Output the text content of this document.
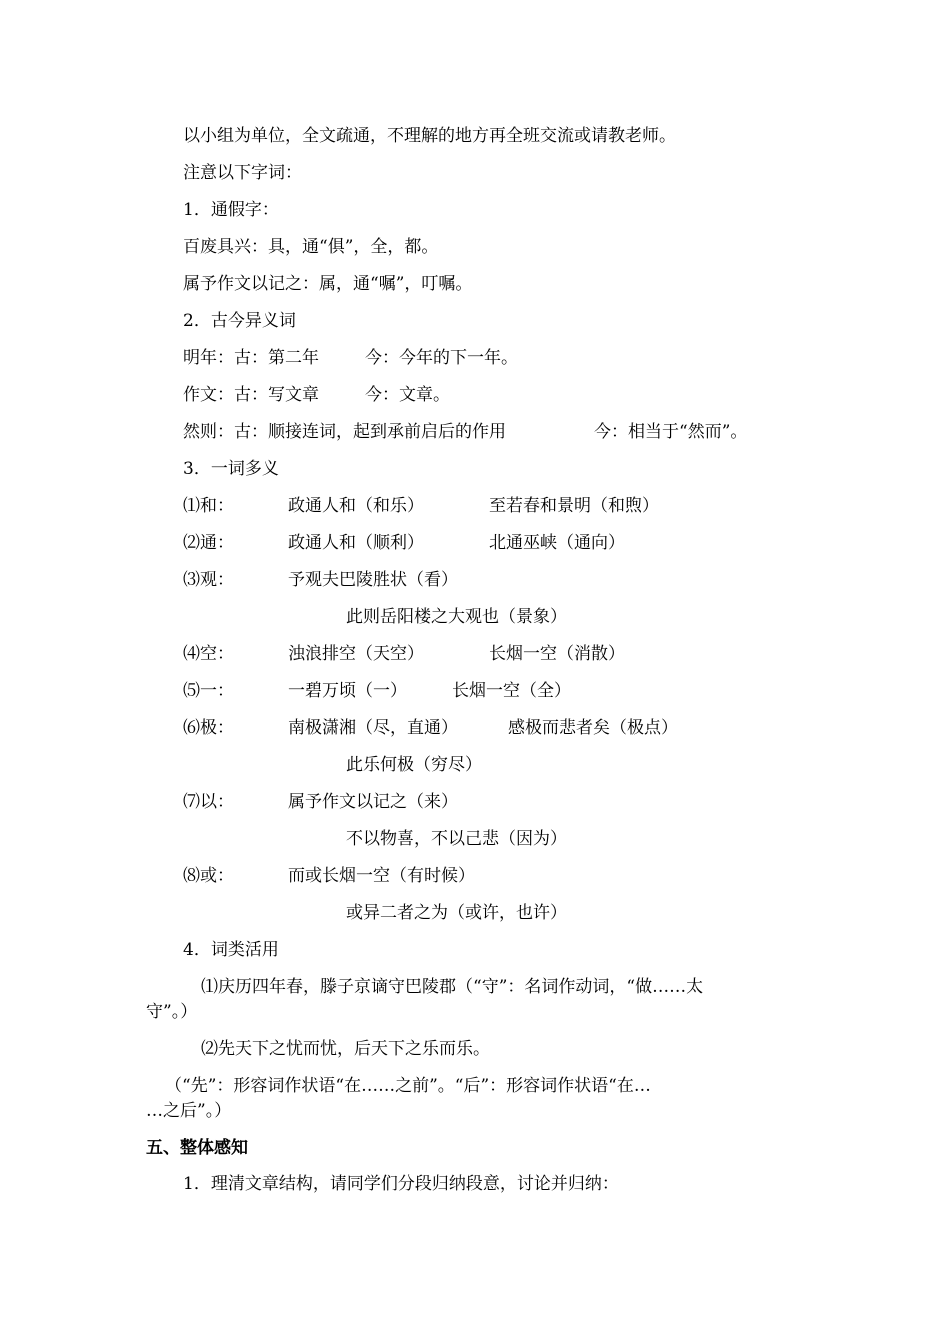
以小组为单位，全文疏通，不理解的地方再全班交流或请教老师。
注意以下字词：
1．通假字：
百废具兴：具，通“俱”，全，都。
属予作文以记之：属，通“嘱”，叮嘱。
2．古今异义词
明年：古：第二年	今：今年的下一年。
作文：古：写文章	今：文章。
然则：古：顺接连词，起到承前启后的作用	今：相当于“然而”。
3．一词多义
⑴和：	政通人和（和乐）	至若春和景明（和煦）
⑵通：	政通人和（顺利）	北通巫峡（通向）
⑶观：	予观夫巴陵胜状（看）
此则岳阳楼之大观也（景象）
⑷空：	浊浪排空（天空）	长烟一空（消散）
⑸一：	一碧万顷（一）	长烟一空（全）
⑹极：	南极潇湘（尽，直通）	感极而悲者矣（极点）
此乐何极（穷尽）
⑺以：	属予作文以记之（来）
不以物喜，不以己悲（因为）
⑻或：	而或长烟一空（有时候）
或异二者之为（或许，也许）
4．词类活用
⑴庆历四年春，滕子京谪守巴陵郡（“守”：名词作动词，“做……太
守”。）
⑵先天下之忧而忧，后天下之乐而乐。
（“先”：形容词作状语“在……之前”。“后”：形容词作状语“在…
…之后”。）
五、整体感知
1．理清文章结构，请同学们分段归纳段意，讨论并归纳：
